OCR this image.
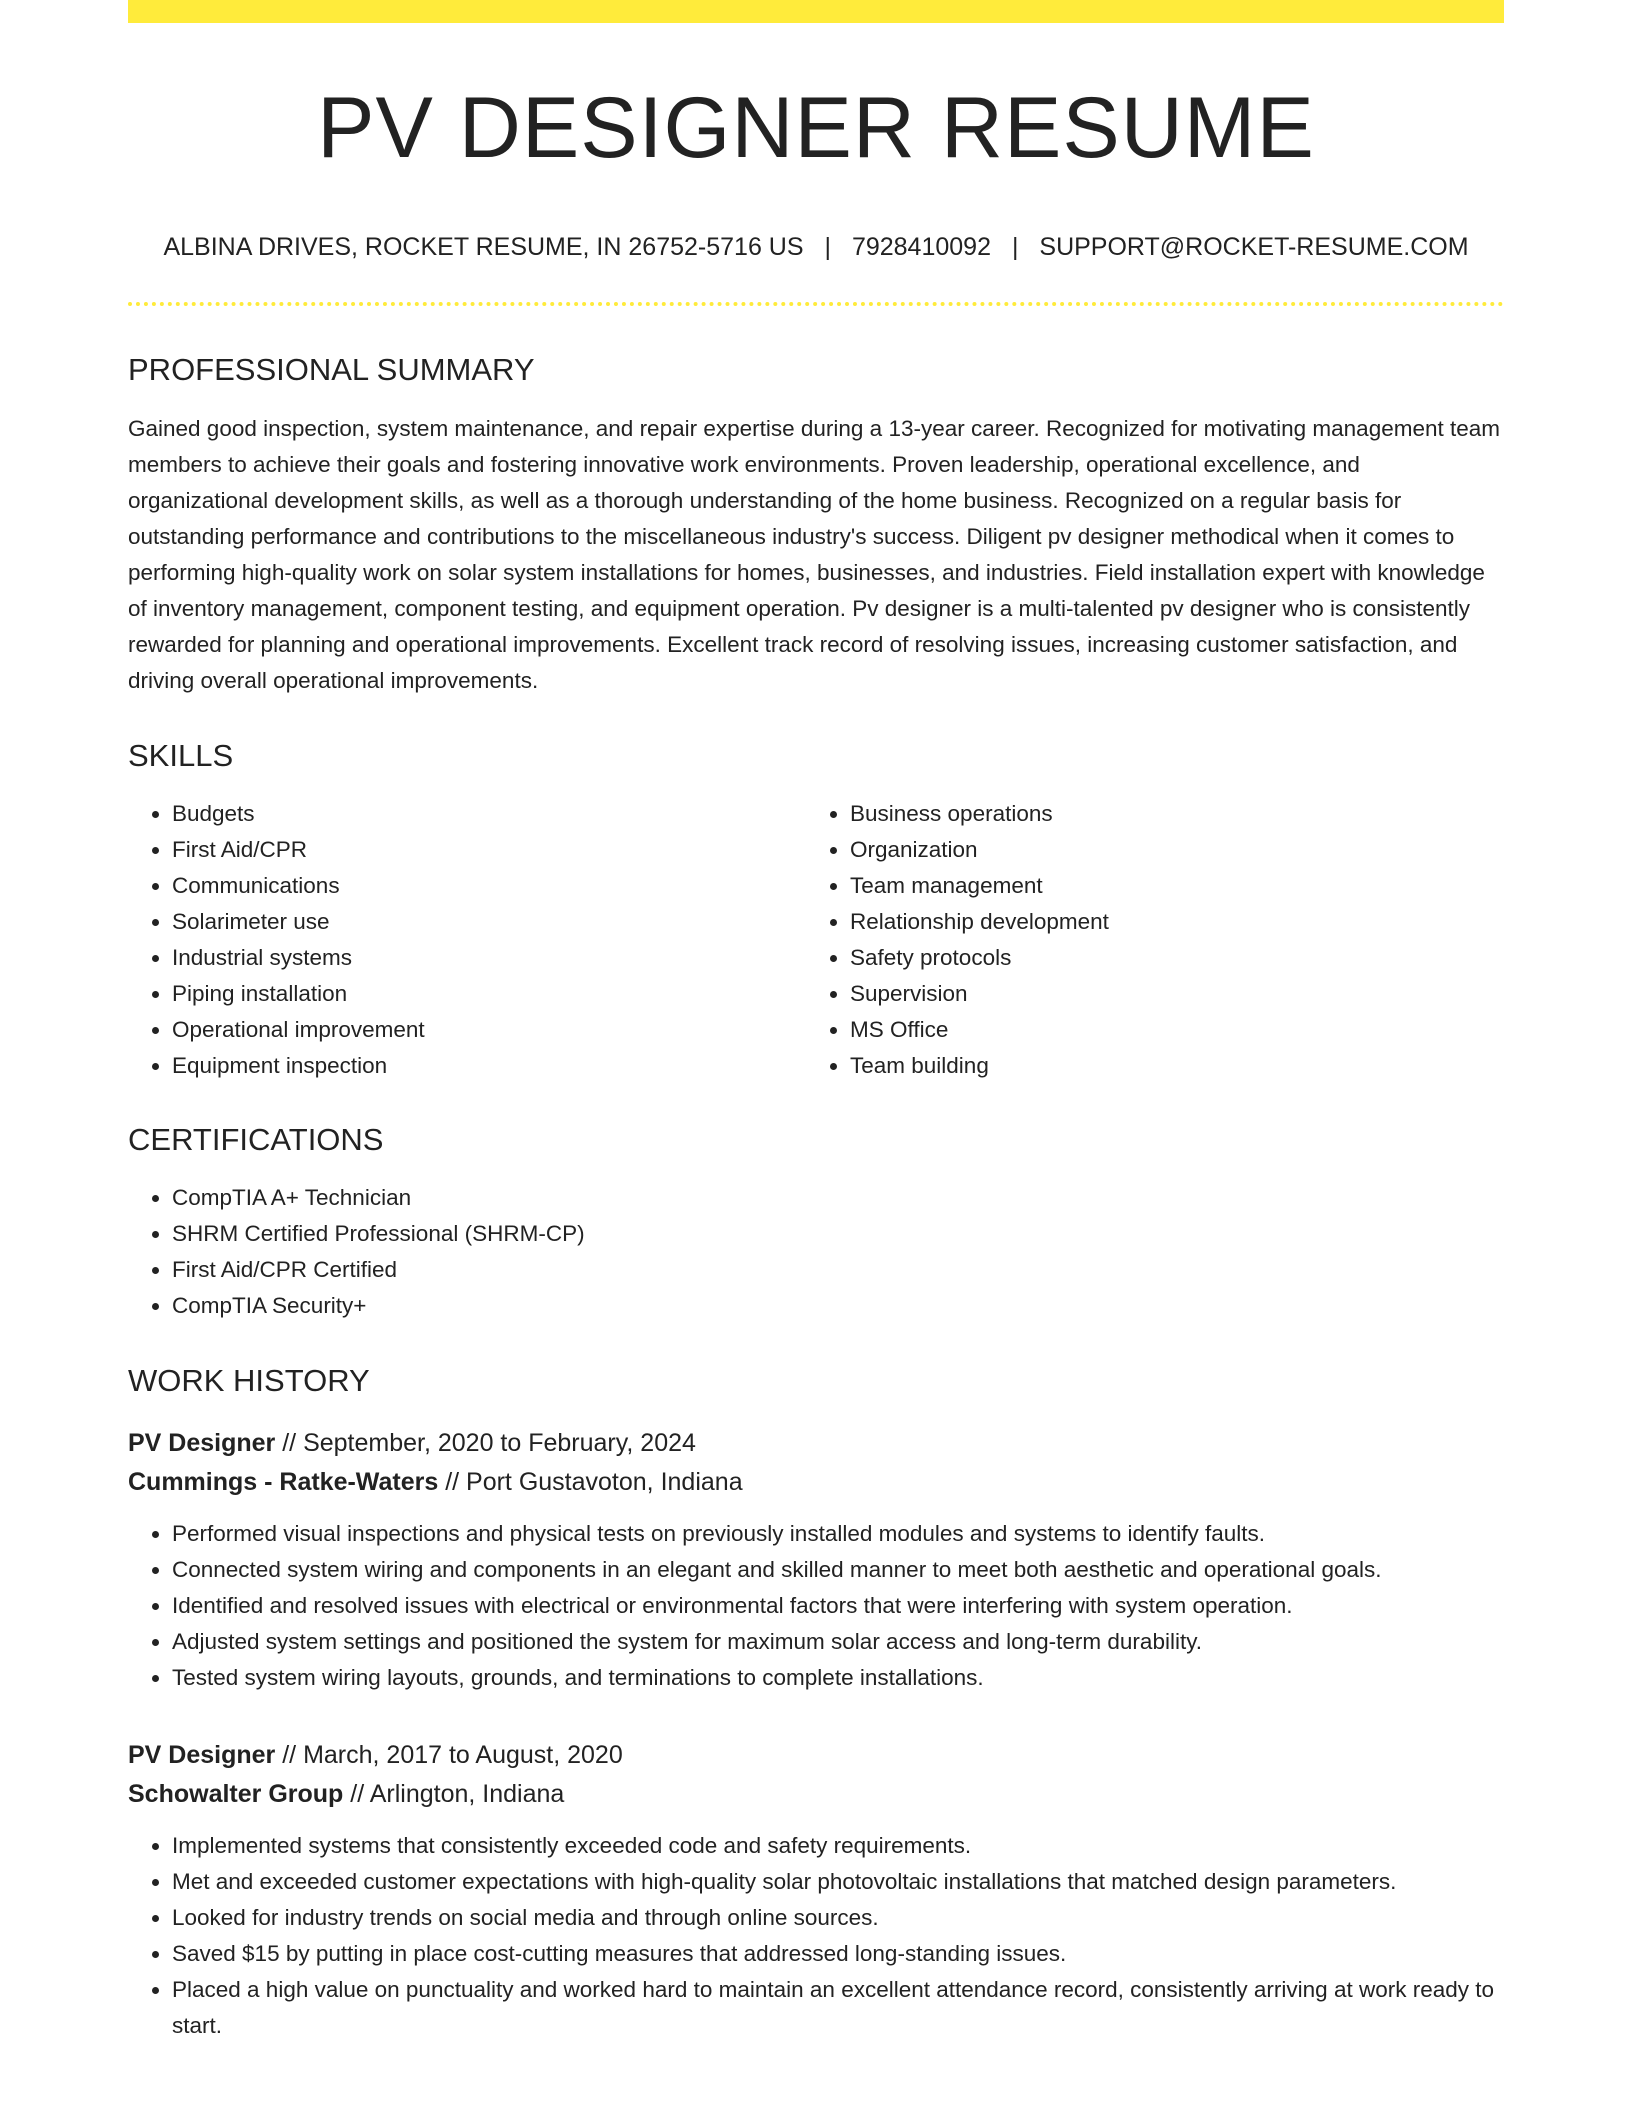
PV DESIGNER RESUME
ALBINA DRIVES, ROCKET RESUME, IN 26752-5716 US | 7928410092 | SUPPORT@ROCKET-RESUME.COM
PROFESSIONAL SUMMARY

Gained good inspection, system maintenance, and repair expertise during a 13-year career. Recognized for motivating management team members to achieve their goals and fostering innovative work environments. Proven leadership, operational excellence, and organizational development skills, as well as a thorough understanding of the home business. Recognized on a regular basis for outstanding performance and contributions to the miscellaneous industry's success. Diligent pv designer methodical when it comes to performing high-quality work on solar system installations for homes, businesses, and industries. Field installation expert with knowledge of inventory management, component testing, and equipment operation. Pv designer is a multi-talented pv designer who is consistently rewarded for planning and operational improvements. Excellent track record of resolving issues, increasing customer satisfaction, and driving overall operational improvements.

SKILLS
• Budgets
• First Aid/CPR
• Communications
• Solarimeter use
• Industrial systems
• Piping installation
• Operational improvement
• Equipment inspection
• Business operations
• Organization
• Team management
• Relationship development
• Safety protocols
• Supervision
• MS Office
• Team building
CERTIFICATIONS
• CompTIA A+ Technician
• SHRM Certified Professional (SHRM-CP)
• First Aid/CPR Certified
• CompTIA Security+
WORK HISTORY
PV Designer // September, 2020 to February, 2024
Cummings - Ratke-Waters // Port Gustavoton, Indiana
• Performed visual inspections and physical tests on previously installed modules and systems to identify faults.
• Connected system wiring and components in an elegant and skilled manner to meet both aesthetic and operational goals.
• Identified and resolved issues with electrical or environmental factors that were interfering with system operation.
• Adjusted system settings and positioned the system for maximum solar access and long-term durability.
• Tested system wiring layouts, grounds, and terminations to complete installations.
PV Designer // March, 2017 to August, 2020
Schowalter Group // Arlington, Indiana
• Implemented systems that consistently exceeded code and safety requirements.
• Met and exceeded customer expectations with high-quality solar photovoltaic installations that matched design parameters.
• Looked for industry trends on social media and through online sources.
• Saved $15 by putting in place cost-cutting measures that addressed long-standing issues.
• Placed a high value on punctuality and worked hard to maintain an excellent attendance record, consistently arriving at work ready to start.
